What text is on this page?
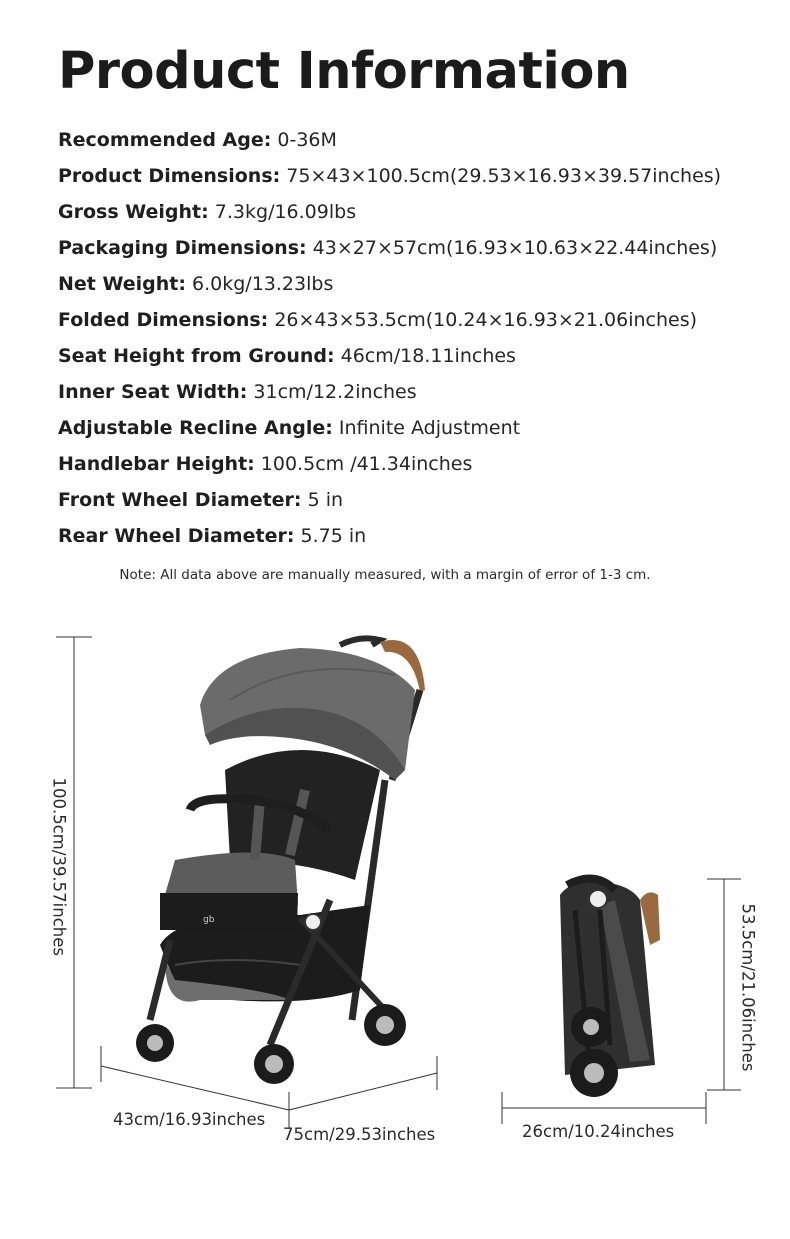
Product Information
Recommended Age: 0-36M
Product Dimensions: 75×43×100.5cm(29.53×16.93×39.57inches)
Gross Weight: 7.3kg/16.09lbs
Packaging Dimensions: 43×27×57cm(16.93×10.63×22.44inches)
Net Weight: 6.0kg/13.23lbs
Folded Dimensions: 26×43×53.5cm(10.24×16.93×21.06inches)
Seat Height from Ground: 46cm/18.11inches
Inner Seat Width: 31cm/12.2inches
Adjustable Recline Angle: Infinite Adjustment
Handlebar Height: 100.5cm /41.34inches
Front Wheel Diameter: 5 in
Rear Wheel Diameter: 5.75 in
Note: All data above are manually measured, with a margin of error of 1-3 cm.
gb
100.5cm/39.57inches
43cm/16.93inches
75cm/29.53inches
53.5cm/21.06inches
26cm/10.24inches
